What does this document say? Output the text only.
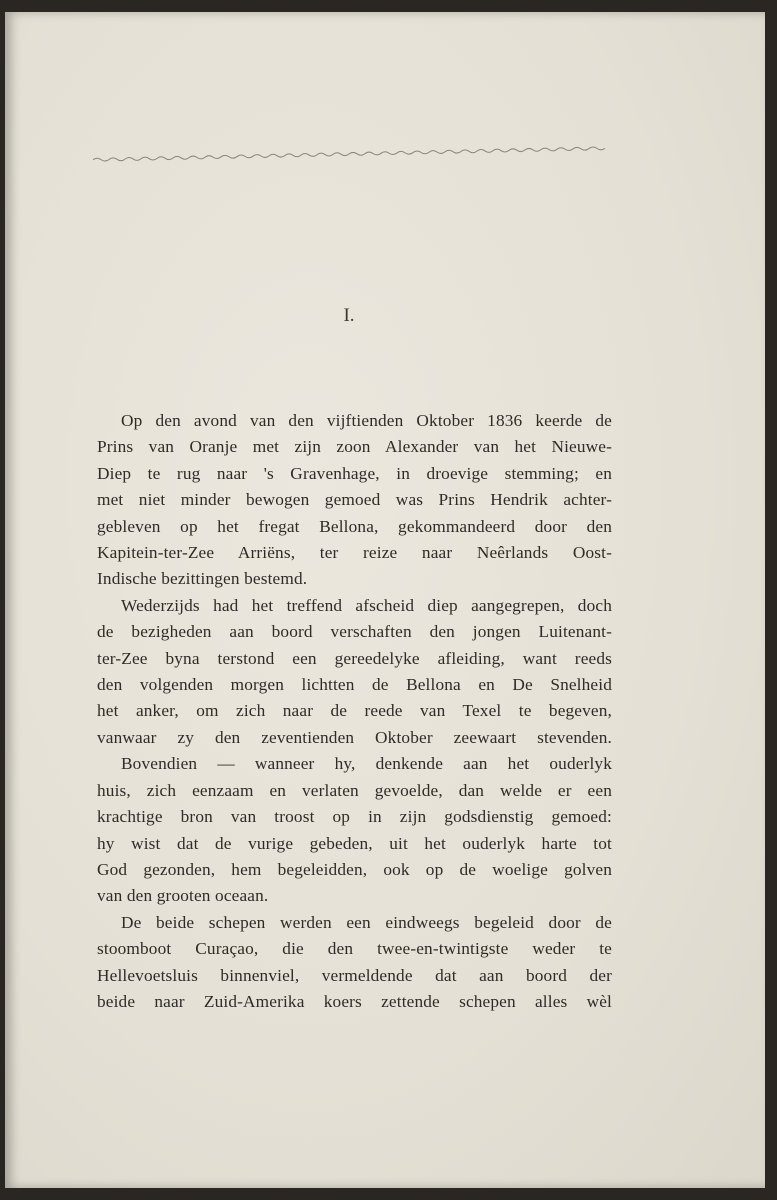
I.
Op den avond van den vijftienden Oktober 1836 keerde de
Prins van Oranje met zijn zoon Alexander van het Nieuwe-
Diep te rug naar 's Gravenhage, in droevige stemming; en
met niet minder bewogen gemoed was Prins Hendrik achter-
gebleven op het fregat Bellona, gekommandeerd door den
Kapitein-ter-Zee Arriëns, ter reize naar Neêrlands Oost-
Indische bezittingen bestemd.
Wederzijds had het treffend afscheid diep aangegrepen, doch
de bezigheden aan boord verschaften den jongen Luitenant-
ter-Zee byna terstond een gereedelyke afleiding, want reeds
den volgenden morgen lichtten de Bellona en De Snelheid
het anker, om zich naar de reede van Texel te begeven,
vanwaar zy den zeventienden Oktober zeewaart stevenden.
Bovendien — wanneer hy, denkende aan het ouderlyk
huis, zich eenzaam en verlaten gevoelde, dan welde er een
krachtige bron van troost op in zijn godsdienstig gemoed:
hy wist dat de vurige gebeden, uit het ouderlyk harte tot
God gezonden, hem begeleidden, ook op de woelige golven
van den grooten oceaan.
De beide schepen werden een eindweegs begeleid door de
stoomboot Curaçao, die den twee-en-twintigste weder te
Hellevoetsluis binnenviel, vermeldende dat aan boord der
beide naar Zuid-Amerika koers zettende schepen alles wèl
